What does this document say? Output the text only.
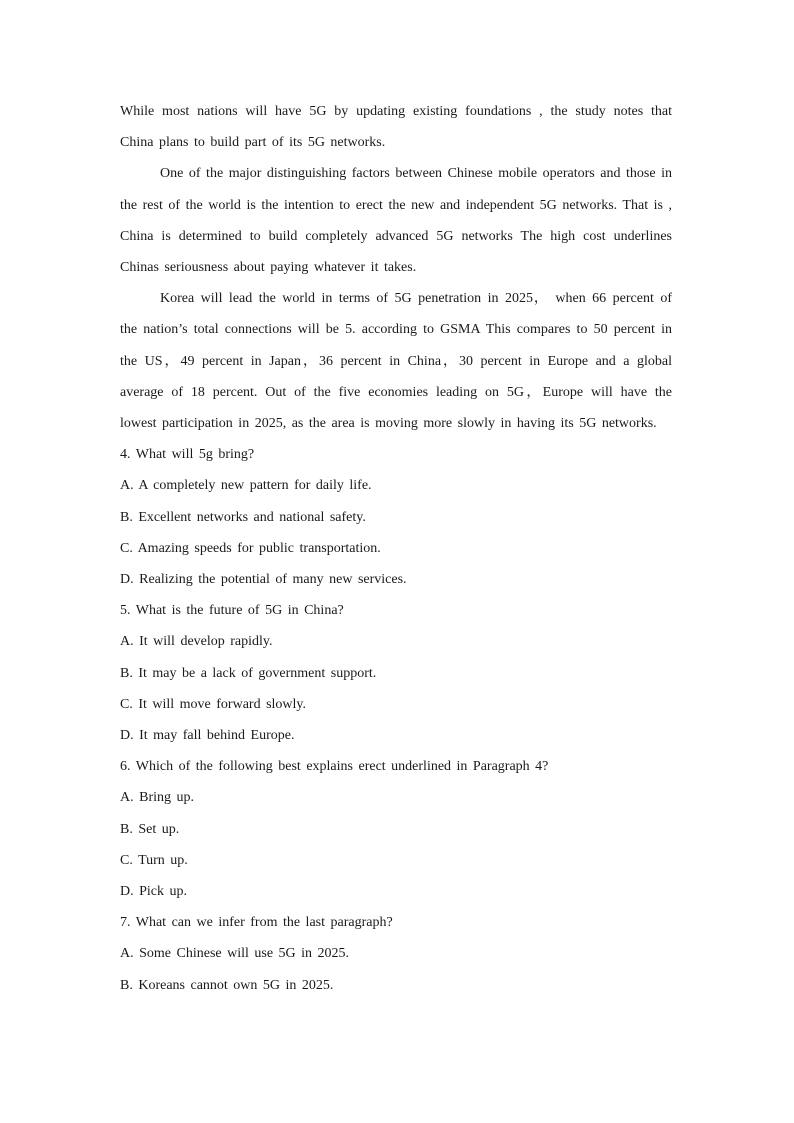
While most nations will have 5G by updating existing foundations , the study notes that China plans to build part of its 5G networks.

One of the major distinguishing factors between Chinese mobile operators and those in the rest of the world is the intention to erect the new and independent 5G networks. That is , China is determined to build completely advanced 5G networks The high cost underlines Chinas seriousness about paying whatever it takes.

Korea will lead the world in terms of 5G penetration in 2025， when 66 percent of the nation’s total connections will be 5. according to GSMA This compares to 50 percent in the US，49 percent in Japan，36 percent in China，30 percent in Europe and a global average of 18 percent. Out of the five economies leading on 5G，Europe will have the lowest participation in 2025, as the area is moving more slowly in having its 5G networks.

4. What will 5g bring?

A. A completely new pattern for daily life.

B. Excellent networks and national safety.

C. Amazing speeds for public transportation.

D. Realizing the potential of many new services.

5. What is the future of 5G in China?

A. It will develop rapidly.

B. It may be a lack of government support.

C. It will move forward slowly.

D. It may fall behind Europe.

6. Which of the following best explains erect underlined in Paragraph 4?

A. Bring up.

B. Set up.

C. Turn up.

D. Pick up.

7. What can we infer from the last paragraph?

A. Some Chinese will use 5G in 2025.

B. Koreans cannot own 5G in 2025.
